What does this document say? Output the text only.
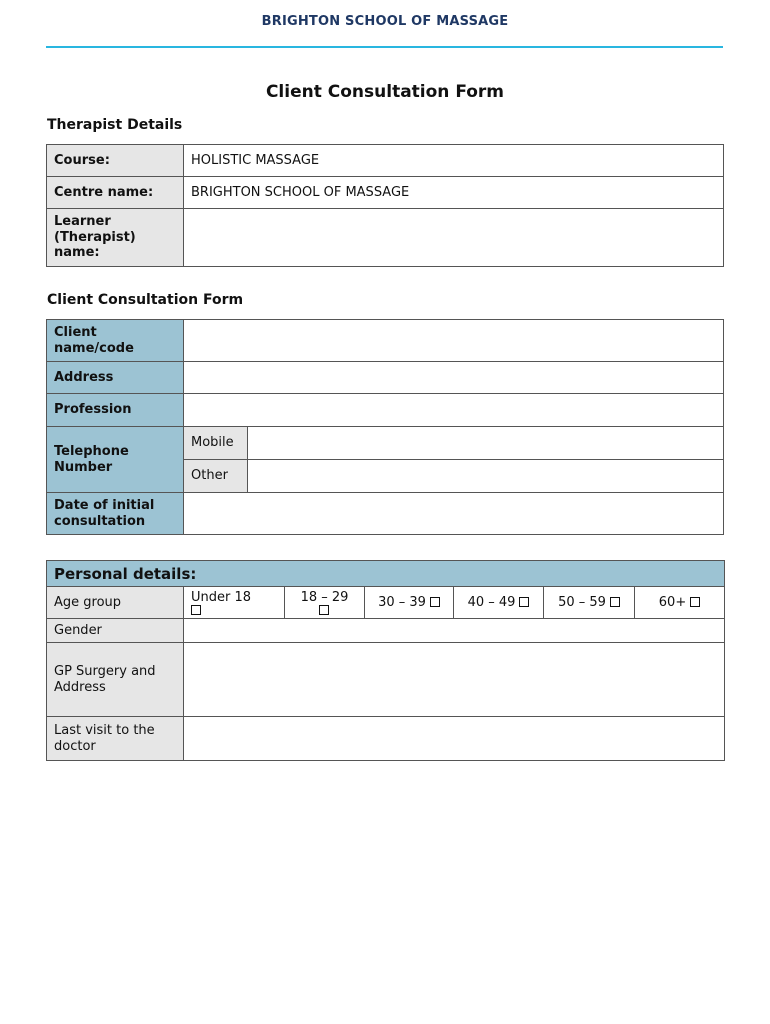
BRIGHTON SCHOOL OF MASSAGE
Client Consultation Form
Therapist Details
Course:	HOLISTIC MASSAGE
Centre name:	BRIGHTON SCHOOL OF MASSAGE
Learner (Therapist) name:	
Client Consultation Form
Client name/code		
Address		
Profession		
Telephone Number	Mobile	
	Other	
Date of initial consultation		
Personal details:						
Age group	Under 18	18 – 29	30 – 39	40 – 49	50 – 59	60+
Gender						
GP Surgery and Address						
Last visit to the doctor						
